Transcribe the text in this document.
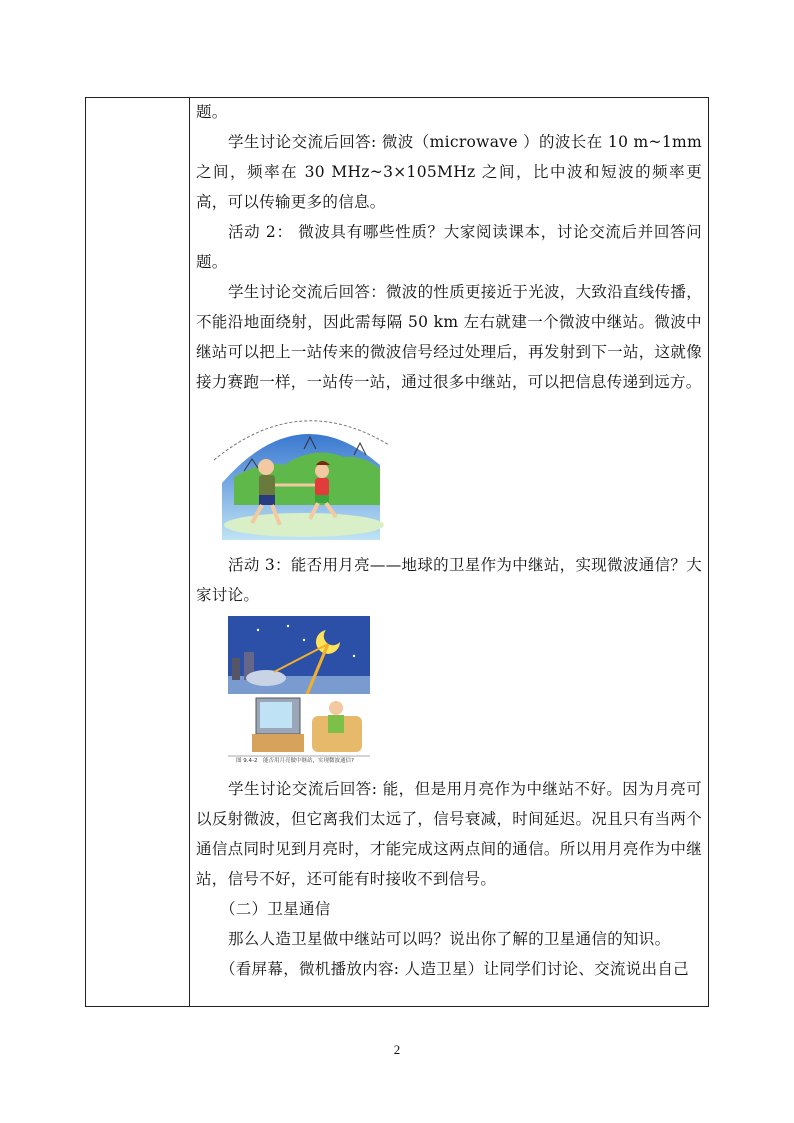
题。

学生讨论交流后回答: 微波（microwave ）的波长在 10 m~1mm 之间，频率在 30 MHz~3×105MHz 之间，比中波和短波的频率更高，可以传输更多的信息。

活动 2： 微波具有哪些性质？大家阅读课本，讨论交流后并回答问题。

学生讨论交流后回答：微波的性质更接近于光波，大致沿直线传播，不能沿地面绕射，因此需每隔 50 km 左右就建一个微波中继站。微波中继站可以把上一站传来的微波信号经过处理后，再发射到下一站，这就像接力赛跑一样，一站传一站，通过很多中继站，可以把信息传递到远方。

活动 3：能否用月亮——地球的卫星作为中继站，实现微波通信？大家讨论。

图 9.4-2　能否用月亮做中继站，实现微波通信?

学生讨论交流后回答: 能，但是用月亮作为中继站不好。因为月亮可以反射微波，但它离我们太远了，信号衰减，时间延迟。况且只有当两个通信点同时见到月亮时，才能完成这两点间的通信。所以用月亮作为中继站，信号不好，还可能有时接收不到信号。

（二）卫星通信

那么人造卫星做中继站可以吗？说出你了解的卫星通信的知识。

（看屏幕，微机播放内容: 人造卫星）让同学们讨论、交流说出自己

2
